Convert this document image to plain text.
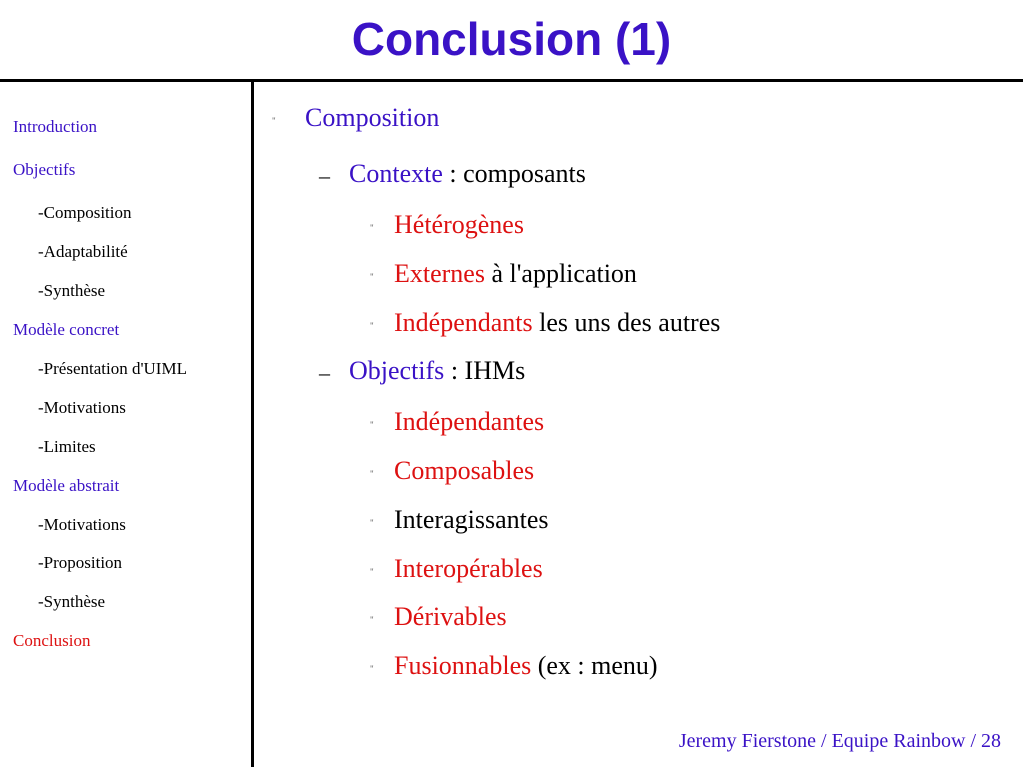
Conclusion (1)
Introduction
Objectifs
-Composition
-Adaptabilité
-Synthèse
Modèle concret
-Présentation d'UIML
-Motivations
-Limites
Modèle abstrait
-Motivations
-Proposition
-Synthèse
Conclusion
" Composition
– Contexte : composants
" Hétérogènes
" Externes à l'application
" Indépendants les uns des autres
– Objectifs : IHMs
" Indépendantes
" Composables
" Interagissantes
" Interopérables
" Dérivables
" Fusionnables (ex : menu)
Jeremy Fierstone / Equipe Rainbow / 28
